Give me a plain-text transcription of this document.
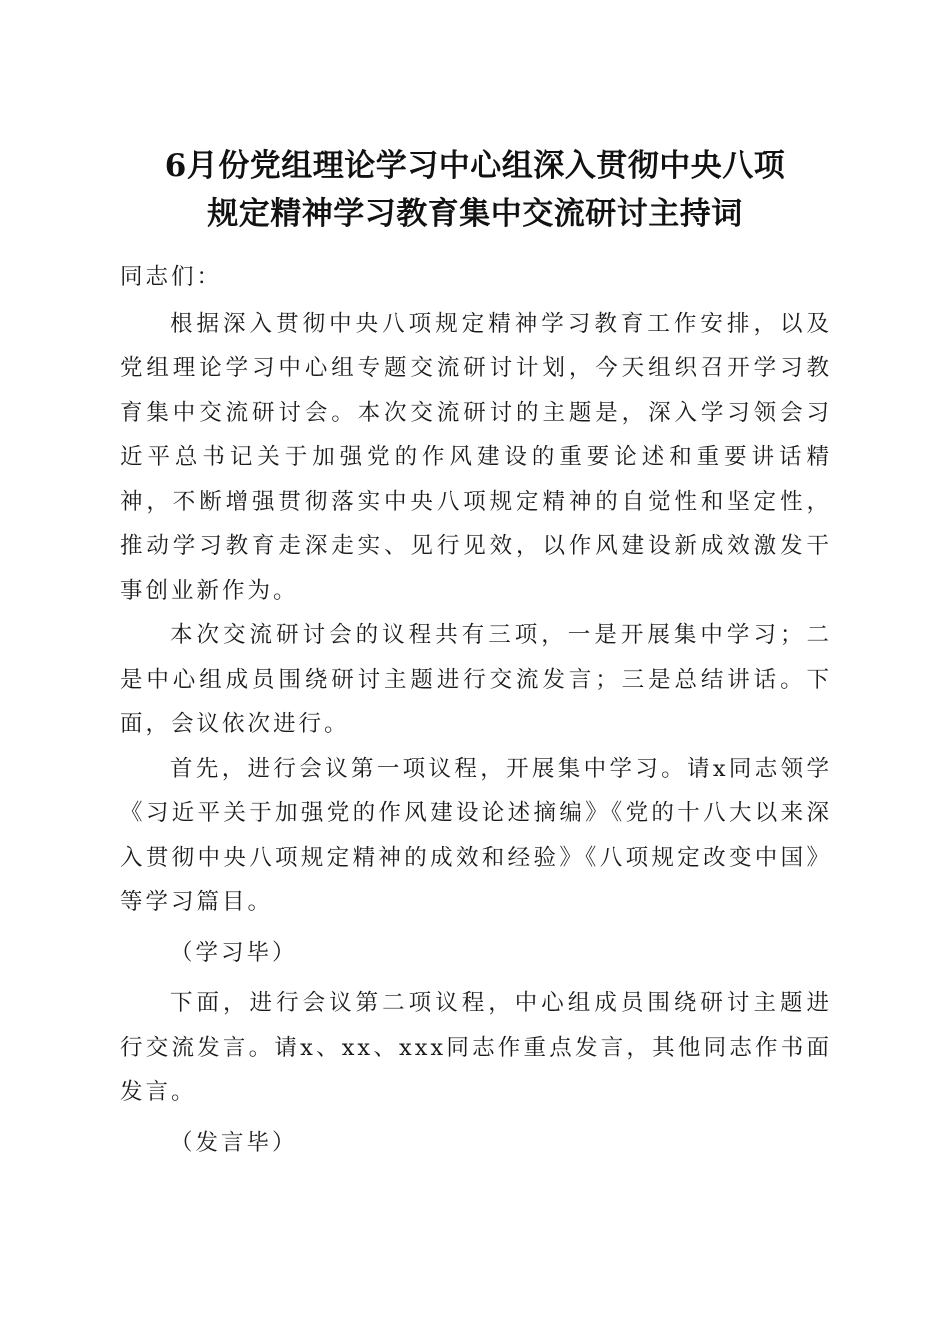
6月份党组理论学习中心组深入贯彻中央八项
规定精神学习教育集中交流研讨主持词

同志们：

根据深入贯彻中央八项规定精神学习教育工作安排，以及党组理论学习中心组专题交流研讨计划，今天组织召开学习教育集中交流研讨会。本次交流研讨的主题是，深入学习领会习近平总书记关于加强党的作风建设的重要论述和重要讲话精神，不断增强贯彻落实中央八项规定精神的自觉性和坚定性，推动学习教育走深走实、见行见效，以作风建设新成效激发干事创业新作为。

本次交流研讨会的议程共有三项，一是开展集中学习；二是中心组成员围绕研讨主题进行交流发言；三是总结讲话。下面，会议依次进行。

首先，进行会议第一项议程，开展集中学习。请x同志领学《习近平关于加强党的作风建设论述摘编》《党的十八大以来深入贯彻中央八项规定精神的成效和经验》《八项规定改变中国》等学习篇目。

（学习毕）

下面，进行会议第二项议程，中心组成员围绕研讨主题进行交流发言。请x、xx、xxx同志作重点发言，其他同志作书面发言。

（发言毕）
